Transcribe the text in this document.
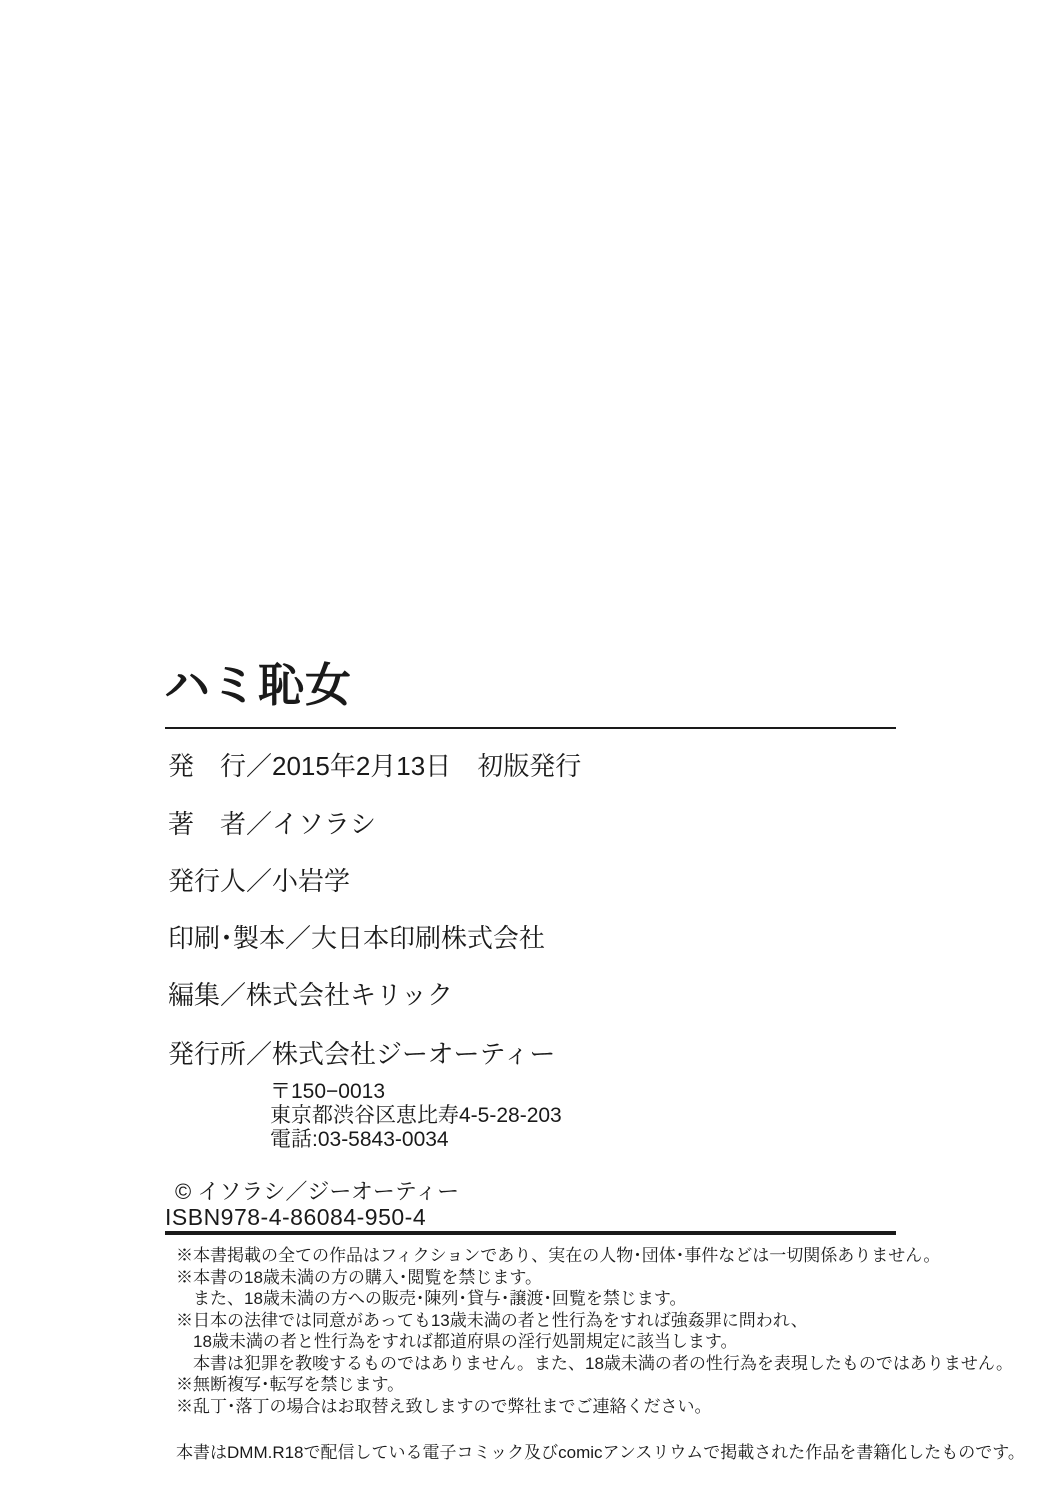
ハミ恥女

発　行／2015年2月13日　初版発行

著　者／イソラシ

発行人／小岩学

印刷･製本／大日本印刷株式会社

編集／株式会社キリック

発行所／株式会社ジーオーティー

〒150−0013

東京都渋谷区恵比寿4-5-28-203

電話:03-5843-0034

© イソラシ／ジーオーティー

ISBN978-4-86084-950-4

※本書掲載の全ての作品はフィクションであり、実在の人物･団体･事件などは一切関係ありません。

※本書の18歳未満の方の購入･閲覧を禁じます。

また、18歳未満の方への販売･陳列･貸与･譲渡･回覧を禁じます。

※日本の法律では同意があっても13歳未満の者と性行為をすれば強姦罪に問われ、

18歳未満の者と性行為をすれば都道府県の淫行処罰規定に該当します。

本書は犯罪を教唆するものではありません。また、18歳未満の者の性行為を表現したものではありません。

※無断複写･転写を禁じます。

※乱丁･落丁の場合はお取替え致しますので弊社までご連絡ください。

本書はDMM.R18で配信している電子コミック及びcomicアンスリウムで掲載された作品を書籍化したものです。
